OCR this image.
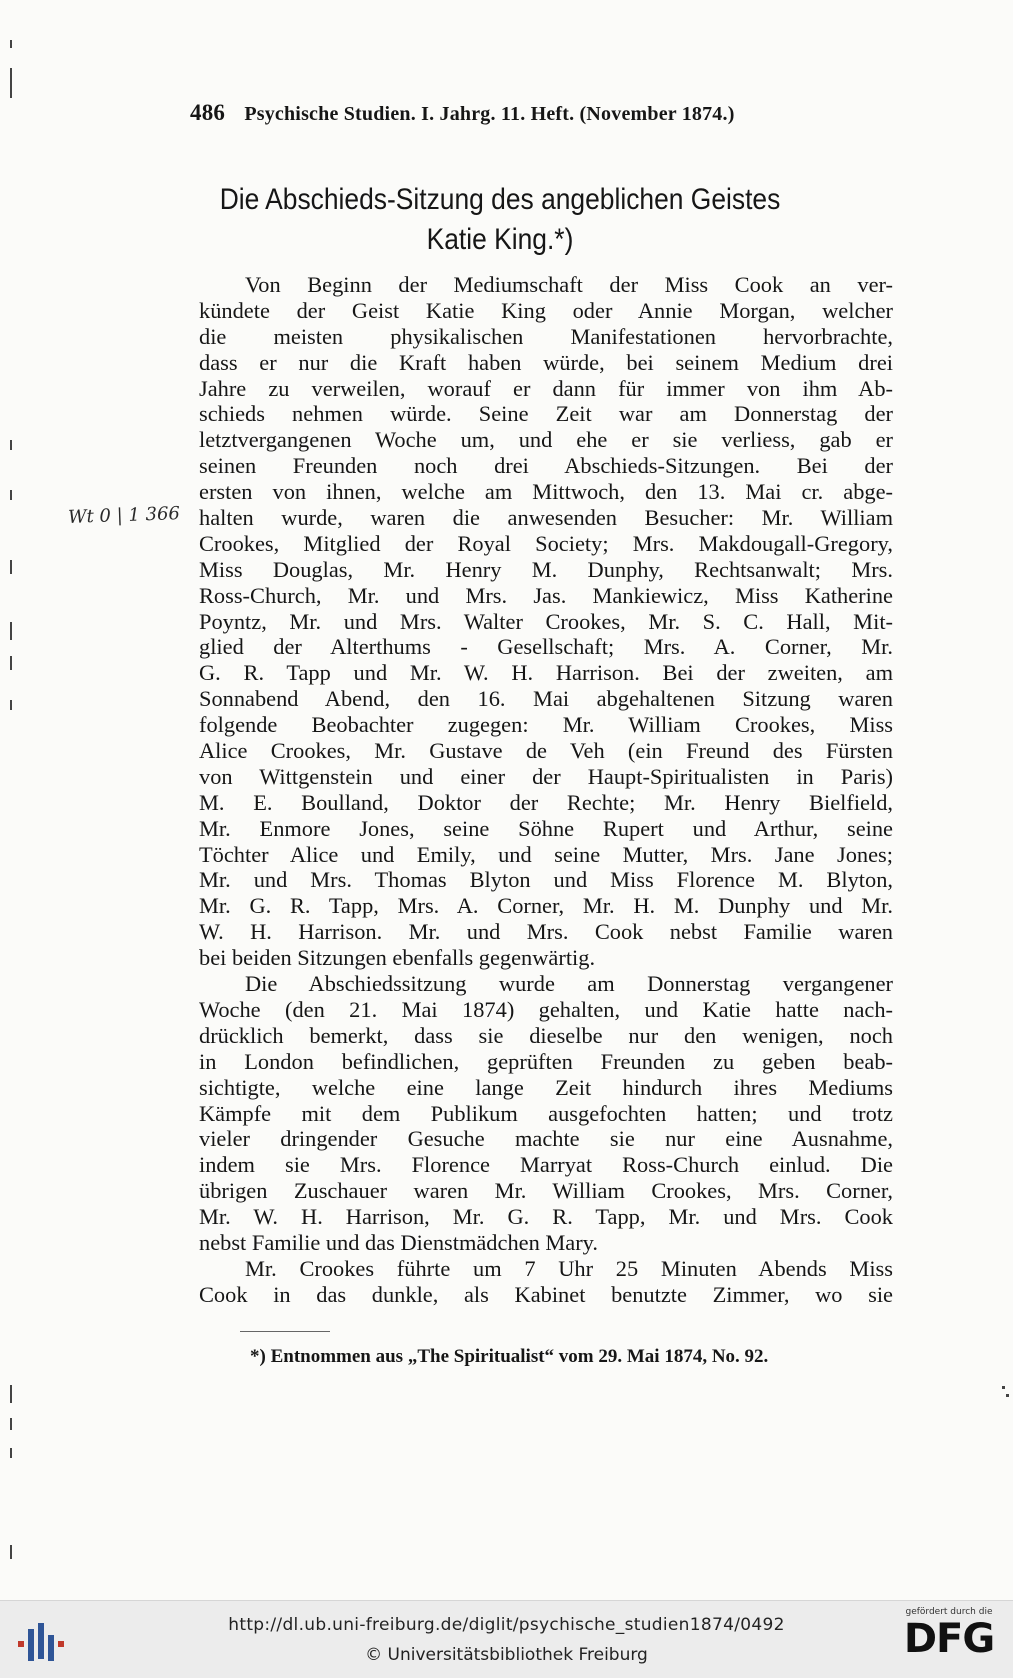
486 Psychische Studien. I. Jahrg. 11. Heft. (November 1874.)
Die Abschieds-Sitzung des angeblichen Geistes
Katie King.*)
Wt 0 | 1 366
Von Beginn der Mediumschaft der Miss Cook an ver-
kündete der Geist Katie King oder Annie Morgan, welcher
die meisten physikalischen Manifestationen hervorbrachte,
dass er nur die Kraft haben würde, bei seinem Medium drei
Jahre zu verweilen, worauf er dann für immer von ihm Ab-
schieds nehmen würde. Seine Zeit war am Donnerstag der
letztvergangenen Woche um, und ehe er sie verliess, gab er
seinen Freunden noch drei Abschieds-Sitzungen. Bei der
ersten von ihnen, welche am Mittwoch, den 13. Mai cr. abge-
halten wurde, waren die anwesenden Besucher: Mr. William
Crookes, Mitglied der Royal Society; Mrs. Makdougall-Gregory,
Miss Douglas, Mr. Henry M. Dunphy, Rechtsanwalt; Mrs.
Ross-Church, Mr. und Mrs. Jas. Mankiewicz, Miss Katherine
Poyntz, Mr. und Mrs. Walter Crookes, Mr. S. C. Hall, Mit-
glied der Alterthums - Gesellschaft; Mrs. A. Corner, Mr.
G. R. Tapp und Mr. W. H. Harrison. Bei der zweiten, am
Sonnabend Abend, den 16. Mai abgehaltenen Sitzung waren
folgende Beobachter zugegen: Mr. William Crookes, Miss
Alice Crookes, Mr. Gustave de Veh (ein Freund des Fürsten
von Wittgenstein und einer der Haupt-Spiritualisten in Paris)
M. E. Boulland, Doktor der Rechte; Mr. Henry Bielfield,
Mr. Enmore Jones, seine Söhne Rupert und Arthur, seine
Töchter Alice und Emily, und seine Mutter, Mrs. Jane Jones;
Mr. und Mrs. Thomas Blyton und Miss Florence M. Blyton,
Mr. G. R. Tapp, Mrs. A. Corner, Mr. H. M. Dunphy und Mr.
W. H. Harrison. Mr. und Mrs. Cook nebst Familie waren
bei beiden Sitzungen ebenfalls gegenwärtig.
Die Abschiedssitzung wurde am Donnerstag vergangener
Woche (den 21. Mai 1874) gehalten, und Katie hatte nach-
drücklich bemerkt, dass sie dieselbe nur den wenigen, noch
in London befindlichen, geprüften Freunden zu geben beab-
sichtigte, welche eine lange Zeit hindurch ihres Mediums
Kämpfe mit dem Publikum ausgefochten hatten; und trotz
vieler dringender Gesuche machte sie nur eine Ausnahme,
indem sie Mrs. Florence Marryat Ross-Church einlud. Die
übrigen Zuschauer waren Mr. William Crookes, Mrs. Corner,
Mr. W. H. Harrison, Mr. G. R. Tapp, Mr. und Mrs. Cook
nebst Familie und das Dienstmädchen Mary.
Mr. Crookes führte um 7 Uhr 25 Minuten Abends Miss
Cook in das dunkle, als Kabinet benutzte Zimmer, wo sie
*) Entnommen aus „The Spiritualist“ vom 29. Mai 1874, No. 92.
http://dl.ub.uni-freiburg.de/diglit/psychische_studien1874/0492
© Universitätsbibliothek Freiburg
gefördert durch die
DFG
